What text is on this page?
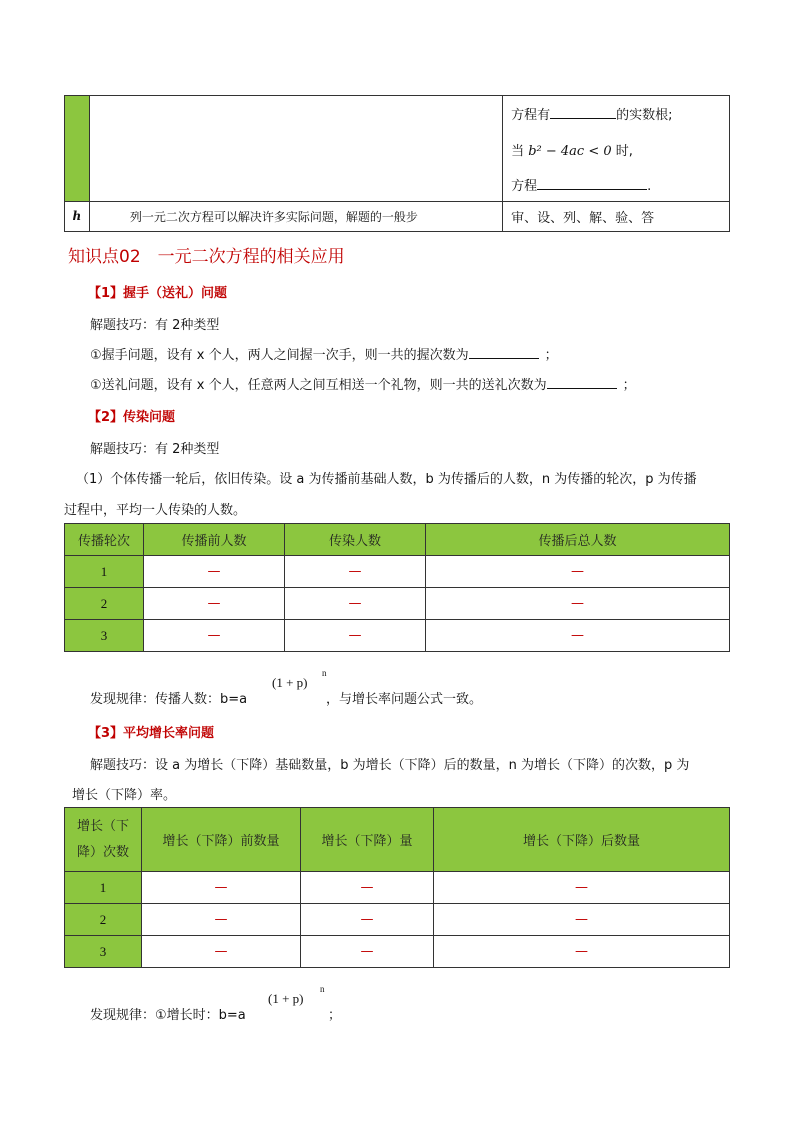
		方程有 的实数根;
当 b² − 4ac < 0 时,
方程 .

h	列一元二次方程可以解决许多实际问题，解题的一般步	审、设、列、解、验、答
知识点02　一元二次方程的相关应用
【1】握手（送礼）问题
解题技巧：有 2种类型
①握手问题，设有 x 个人，两人之间握一次手，则一共的握次数为	；
①送礼问题，设有 x 个人，任意两人之间互相送一个礼物，则一共的送礼次数为	；
【2】传染问题
解题技巧：有 2种类型
（1）个体传播一轮后，依旧传染。设 a 为传播前基础人数，b 为传播后的人数，n 为传播的轮次，p 为传播
过程中，平均一人传染的人数。
传播轮次	传播前人数	传染人数	传播后总人数
1	—	—	—
2	—	—	—
3	—	—	—
发现规律：传播人数：b=a
(1 + p)
n
，与增长率问题公式一致。
【3】平均增长率问题
解题技巧：设 a 为增长（下降）基础数量，b 为增长（下降）后的数量，n 为增长（下降）的次数，p 为
增长（下降）率。
增长（下
降）次数	增长（下降）前数量	增长（下降）量	增长（下降）后数量
1	—	—	—
2	—	—	—
3	—	—	—
发现规律：①增长时：b=a
(1 + p)
n
；
